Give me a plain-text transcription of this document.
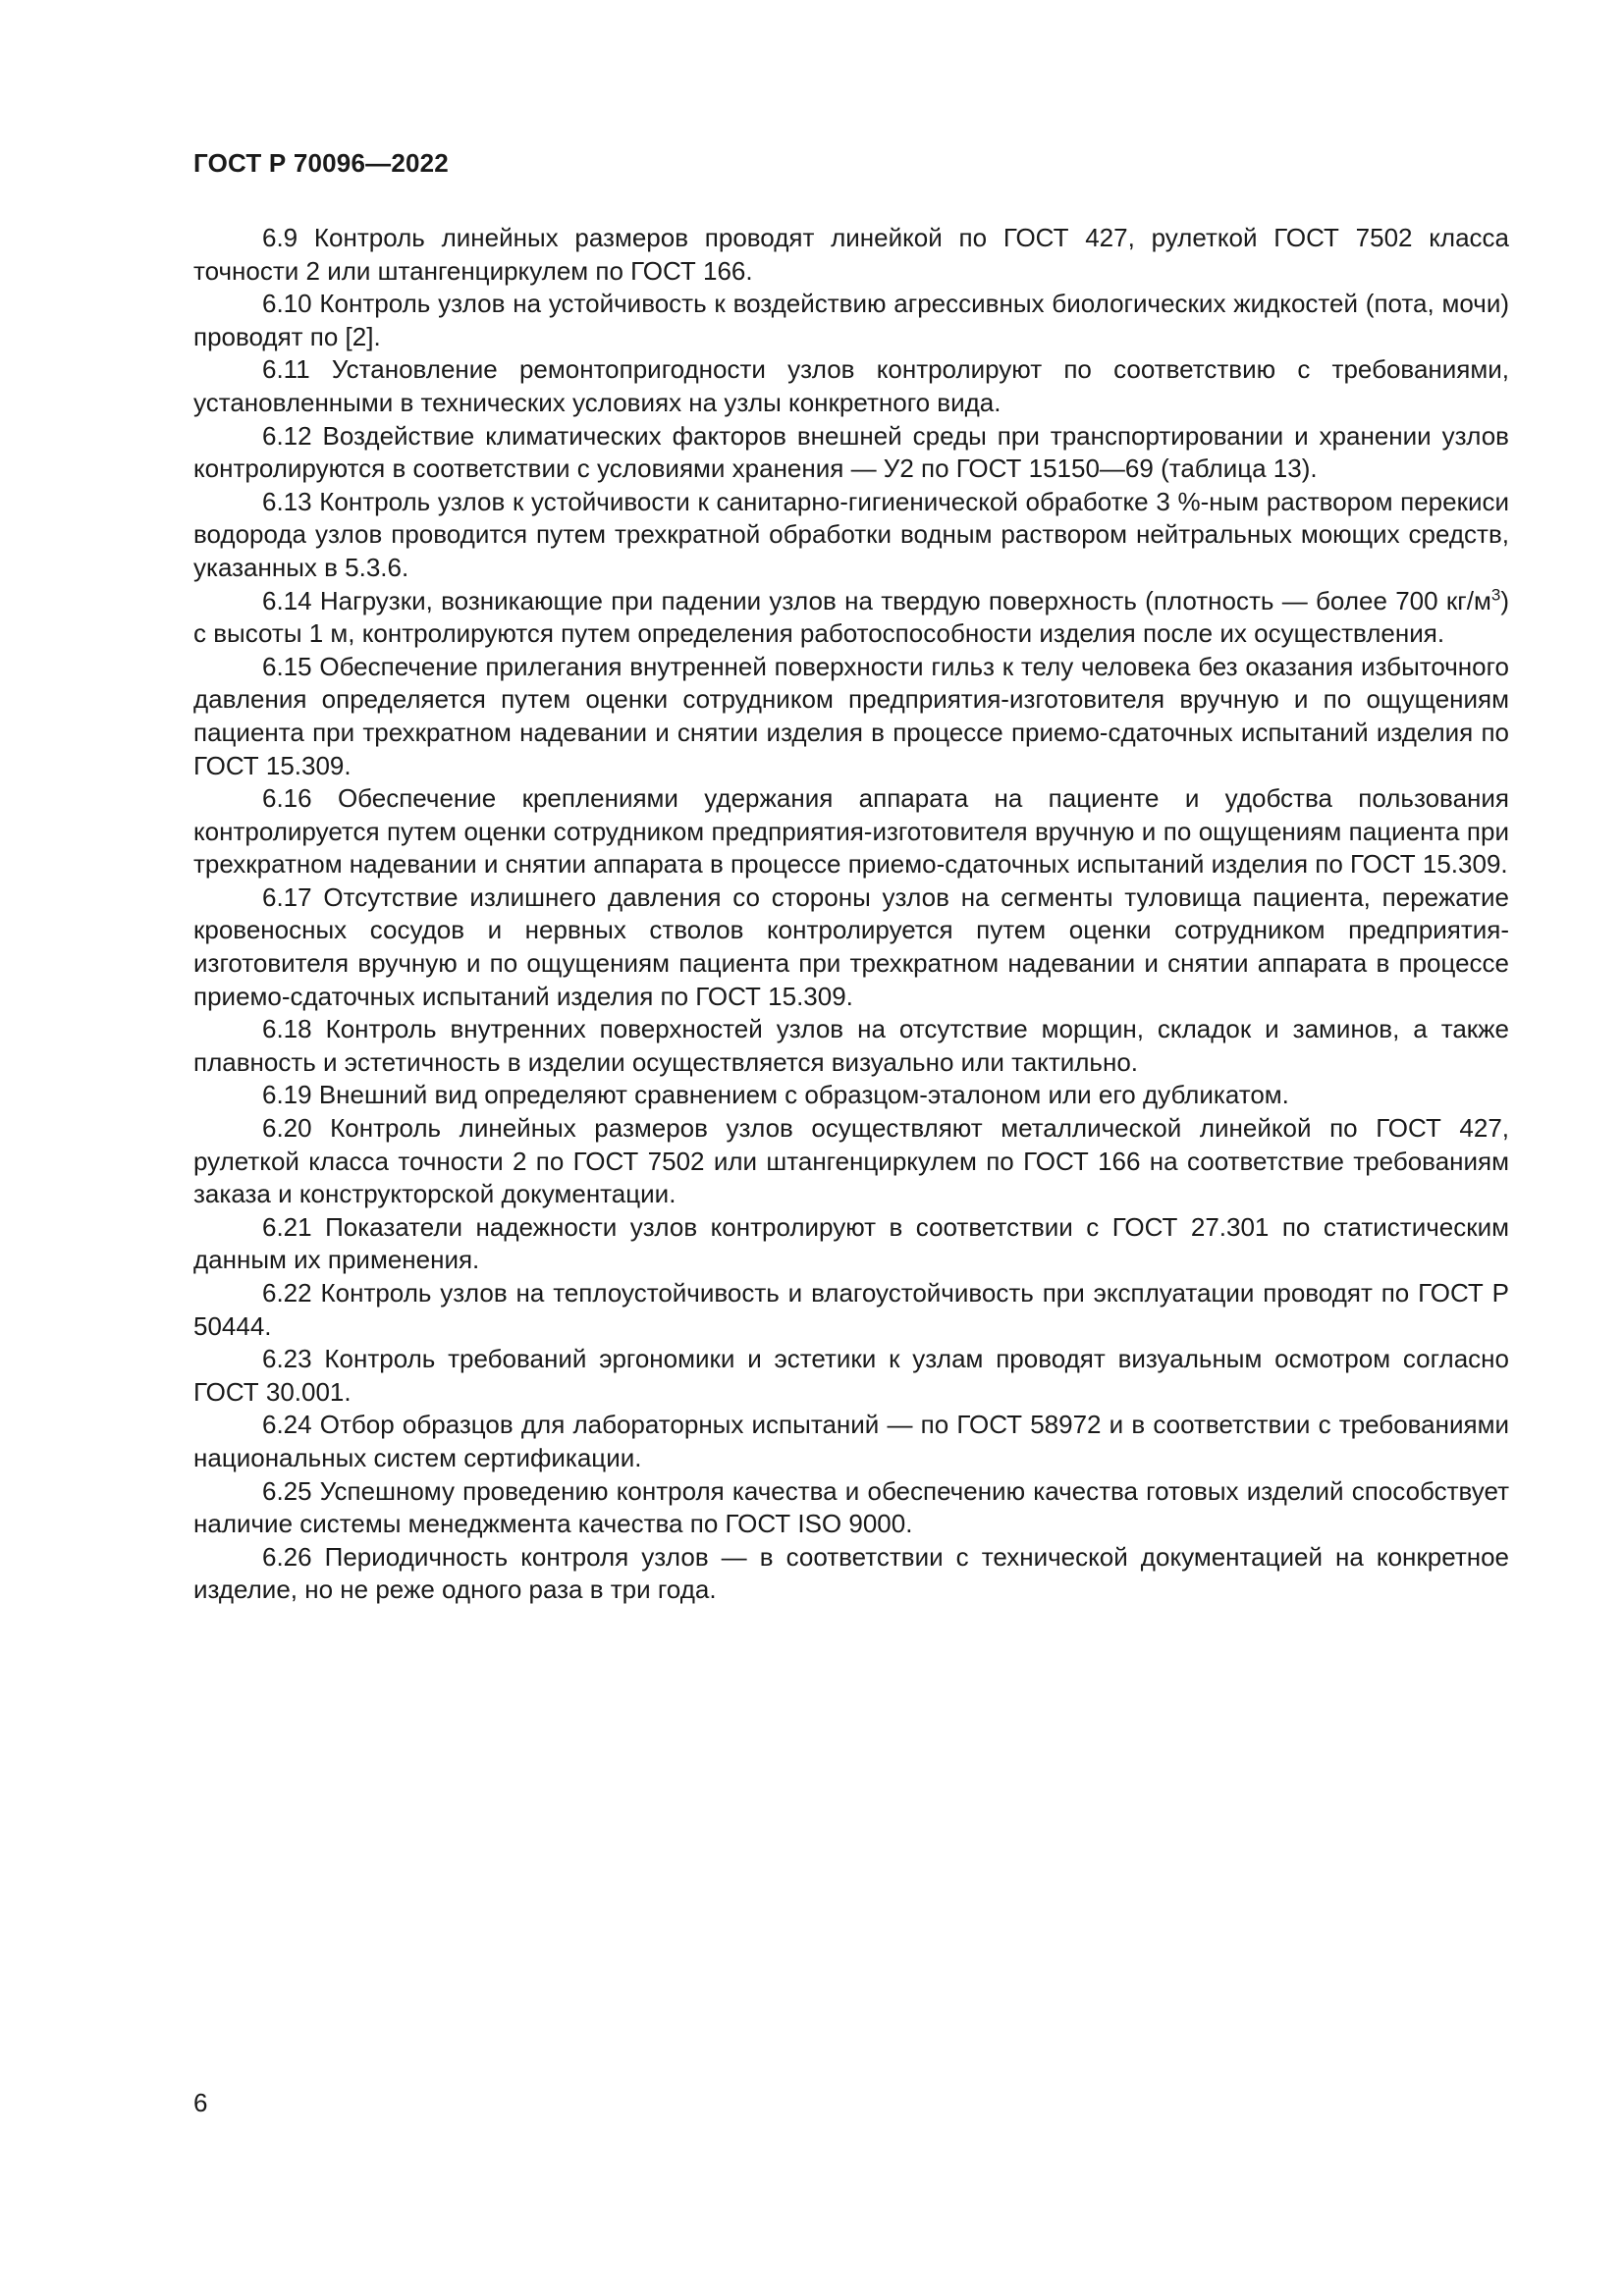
ГОСТ Р 70096—2022

6.9 Контроль линейных размеров проводят линейкой по ГОСТ 427, рулеткой ГОСТ 7502 класса точности 2 или штангенциркулем по ГОСТ 166.

6.10 Контроль узлов на устойчивость к воздействию агрессивных биологических жидкостей (пота, мочи) проводят по [2].

6.11 Установление ремонтопригодности узлов контролируют по соответствию с требованиями, установленными в технических условиях на узлы конкретного вида.

6.12 Воздействие климатических факторов внешней среды при транспортировании и хранении узлов контролируются в соответствии с условиями хранения — У2 по ГОСТ 15150—69 (таблица 13).

6.13 Контроль узлов к устойчивости к санитарно-гигиенической обработке 3 %-ным раствором перекиси водорода узлов проводится путем трехкратной обработки водным раствором нейтральных моющих средств, указанных в 5.3.6.

6.14 Нагрузки, возникающие при падении узлов на твердую поверхность (плотность — более 700 $кг/м^3$) с высоты 1 м, контролируются путем определения работоспособности изделия после их осуществления.

6.15 Обеспечение прилегания внутренней поверхности гильз к телу человека без оказания избыточного давления определяется путем оценки сотрудником предприятия-изготовителя вручную и по ощущениям пациента при трехкратном надевании и снятии изделия в процессе приемо-сдаточных испытаний изделия по ГОСТ 15.309.

6.16 Обеспечение креплениями удержания аппарата на пациенте и удобства пользования контролируется путем оценки сотрудником предприятия-изготовителя вручную и по ощущениям пациента при трехкратном надевании и снятии аппарата в процессе приемо-сдаточных испытаний изделия по ГОСТ 15.309.

6.17 Отсутствие излишнего давления со стороны узлов на сегменты туловища пациента, пережатие кровеносных сосудов и нервных стволов контролируется путем оценки сотрудником предприятия-изготовителя вручную и по ощущениям пациента при трехкратном надевании и снятии аппарата в процессе приемо-сдаточных испытаний изделия по ГОСТ 15.309.

6.18 Контроль внутренних поверхностей узлов на отсутствие морщин, складок и заминов, а также плавность и эстетичность в изделии осуществляется визуально или тактильно.

6.19 Внешний вид определяют сравнением с образцом-эталоном или его дубликатом.

6.20 Контроль линейных размеров узлов осуществляют металлической линейкой по ГОСТ 427, рулеткой класса точности 2 по ГОСТ 7502 или штангенциркулем по ГОСТ 166 на соответствие требованиям заказа и конструкторской документации.

6.21 Показатели надежности узлов контролируют в соответствии с ГОСТ 27.301 по статистическим данным их применения.

6.22 Контроль узлов на теплоустойчивость и влагоустойчивость при эксплуатации проводят по ГОСТ Р 50444.

6.23 Контроль требований эргономики и эстетики к узлам проводят визуальным осмотром согласно ГОСТ 30.001.

6.24 Отбор образцов для лабораторных испытаний — по ГОСТ 58972 и в соответствии с требованиями национальных систем сертификации.

6.25 Успешному проведению контроля качества и обеспечению качества готовых изделий способствует наличие системы менеджмента качества по ГОСТ ISO 9000.

6.26 Периодичность контроля узлов — в соответствии с технической документацией на конкретное изделие, но не реже одного раза в три года.

6
